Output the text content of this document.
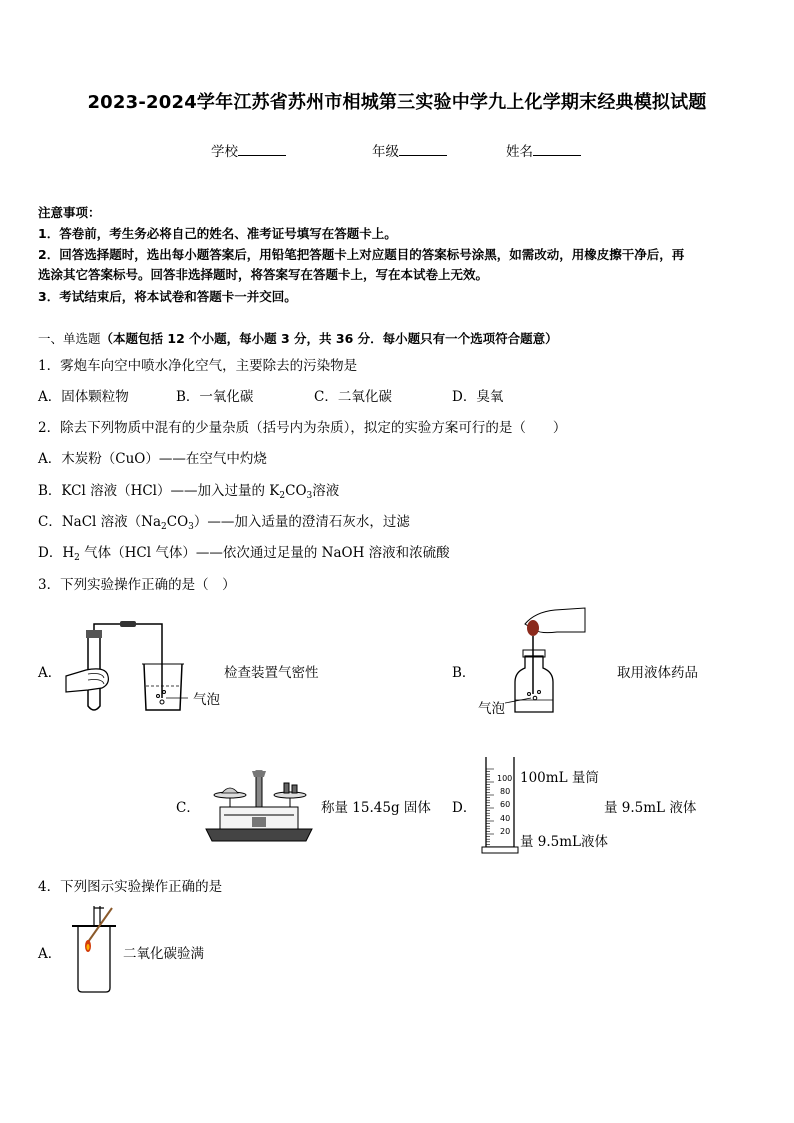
2023-2024学年江苏省苏州市相城第三实验中学九上化学期末经典模拟试题
学校	年级	姓名
注意事项：
1．答卷前，考生务必将自己的姓名、准考证号填写在答题卡上。
2．回答选择题时，选出每小题答案后，用铅笔把答题卡上对应题目的答案标号涂黑，如需改动，用橡皮擦干净后，再
选涂其它答案标号。回答非选择题时，将答案写在答题卡上，写在本试卷上无效。
3．考试结束后，将本试卷和答题卡一并交回。
一、单选题（本题包括 12 个小题，每小题 3 分，共 36 分．每小题只有一个选项符合题意）
1．雾炮车向空中喷水净化空气，主要除去的污染物是
A．固体颗粒物	B．一氧化碳	C．二氧化碳	D．臭氧
2．除去下列物质中混有的少量杂质（括号内为杂质），拟定的实验方案可行的是（　　）
A．木炭粉（CuO）——在空气中灼烧
B．KCl 溶液（HCl）——加入过量的 $K_2CO_3$溶液
C．NaCl 溶液$(Na_2CO_3)——$加入适量的澄清石灰水，过滤
D．$H_2$ 气体（HCl 气体）——依次通过足量的 NaOH 溶液和浓硫酸
3．下列实验操作正确的是（　）
A．
气泡
检查装置气密性	B．
气泡
取用液体药品
C．	称量 15.45g 固体 D．
100
80
60
40
20
100mL 量筒
量 9.5mL 液体
量 9.5mL液体
4．下列图示实验操作正确的是
A．	二氧化碳验满
